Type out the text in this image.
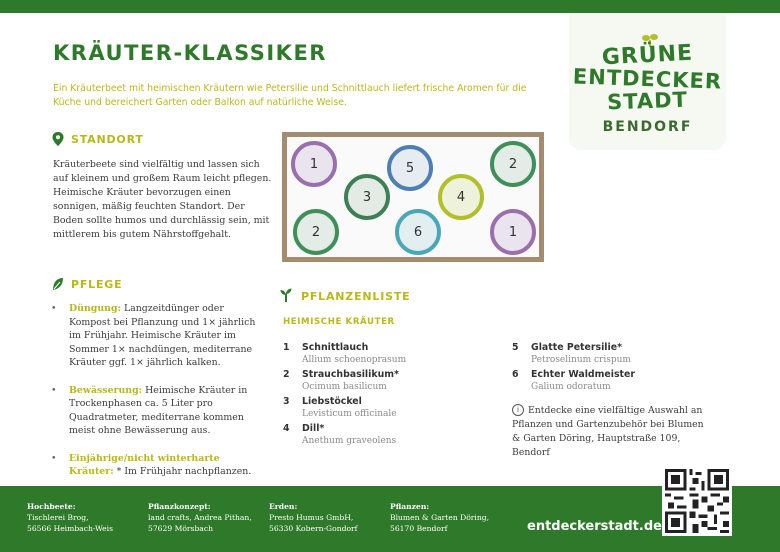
GRÜNE
ENTDECKER
STADT
BENDORF
KRÄUTER-KLASSIKER
Ein Kräuterbeet mit heimischen Kräutern wie Petersilie und Schnittlauch liefert frische Aromen für die Küche und bereichert Garten oder Balkon auf natürliche Weise.
STANDORT
Kräuterbeete sind vielfältig und lassen sich auf kleinem und großem Raum leicht pflegen. Heimische Kräuter bevorzugen einen sonnigen, mäßig feuchten Standort. Der Boden sollte humos und durchlässig sein, mit mittlerem bis gutem Nährstoffgehalt.
1	5	2
3	4
2	6	1
PFLEGE
• Düngung: Langzeitdünger oder Kompost bei Pflanzung und 1× jährlich im Frühjahr. Heimische Kräuter im Sommer 1× nachdüngen, mediterrane Kräuter ggf. 1× jährlich kalken.
• Bewässerung: Heimische Kräuter in Trockenphasen ca. 5 Liter pro Quadratmeter, mediterrane kommen meist ohne Bewässerung aus.
• Einjährige/nicht winterharte Kräuter: * Im Frühjahr nachpflanzen.
PFLANZENLISTE
HEIMISCHE KRÄUTER
1 Schnittlauch
Allium schoenoprasum
2 Strauchbasilikum*
Ocimum basilicum
3 Liebstöckel
Levisticum officinale
4 Dill*
Anethum graveolens
5 Glatte Petersilie*
Petroselinum crispum
6 Echter Waldmeister
Galium odoratum
i Entdecke eine vielfältige Auswahl an Pflanzen und Gartenzubehör bei Blumen & Garten Döring, Hauptstraße 109, Bendorf
Hochbeete:
Tischlerei Brog,
56566 Heimbach-Weis
Pflanzkonzept:
land crafts, Andrea Pithan,
57629 Mörsbach
Erden:
Presto Humus GmbH,
56330 Kobern-Gondorf
Pflanzen:
Blumen & Garten Döring,
56170 Bendorf	entdeckerstadt.de
